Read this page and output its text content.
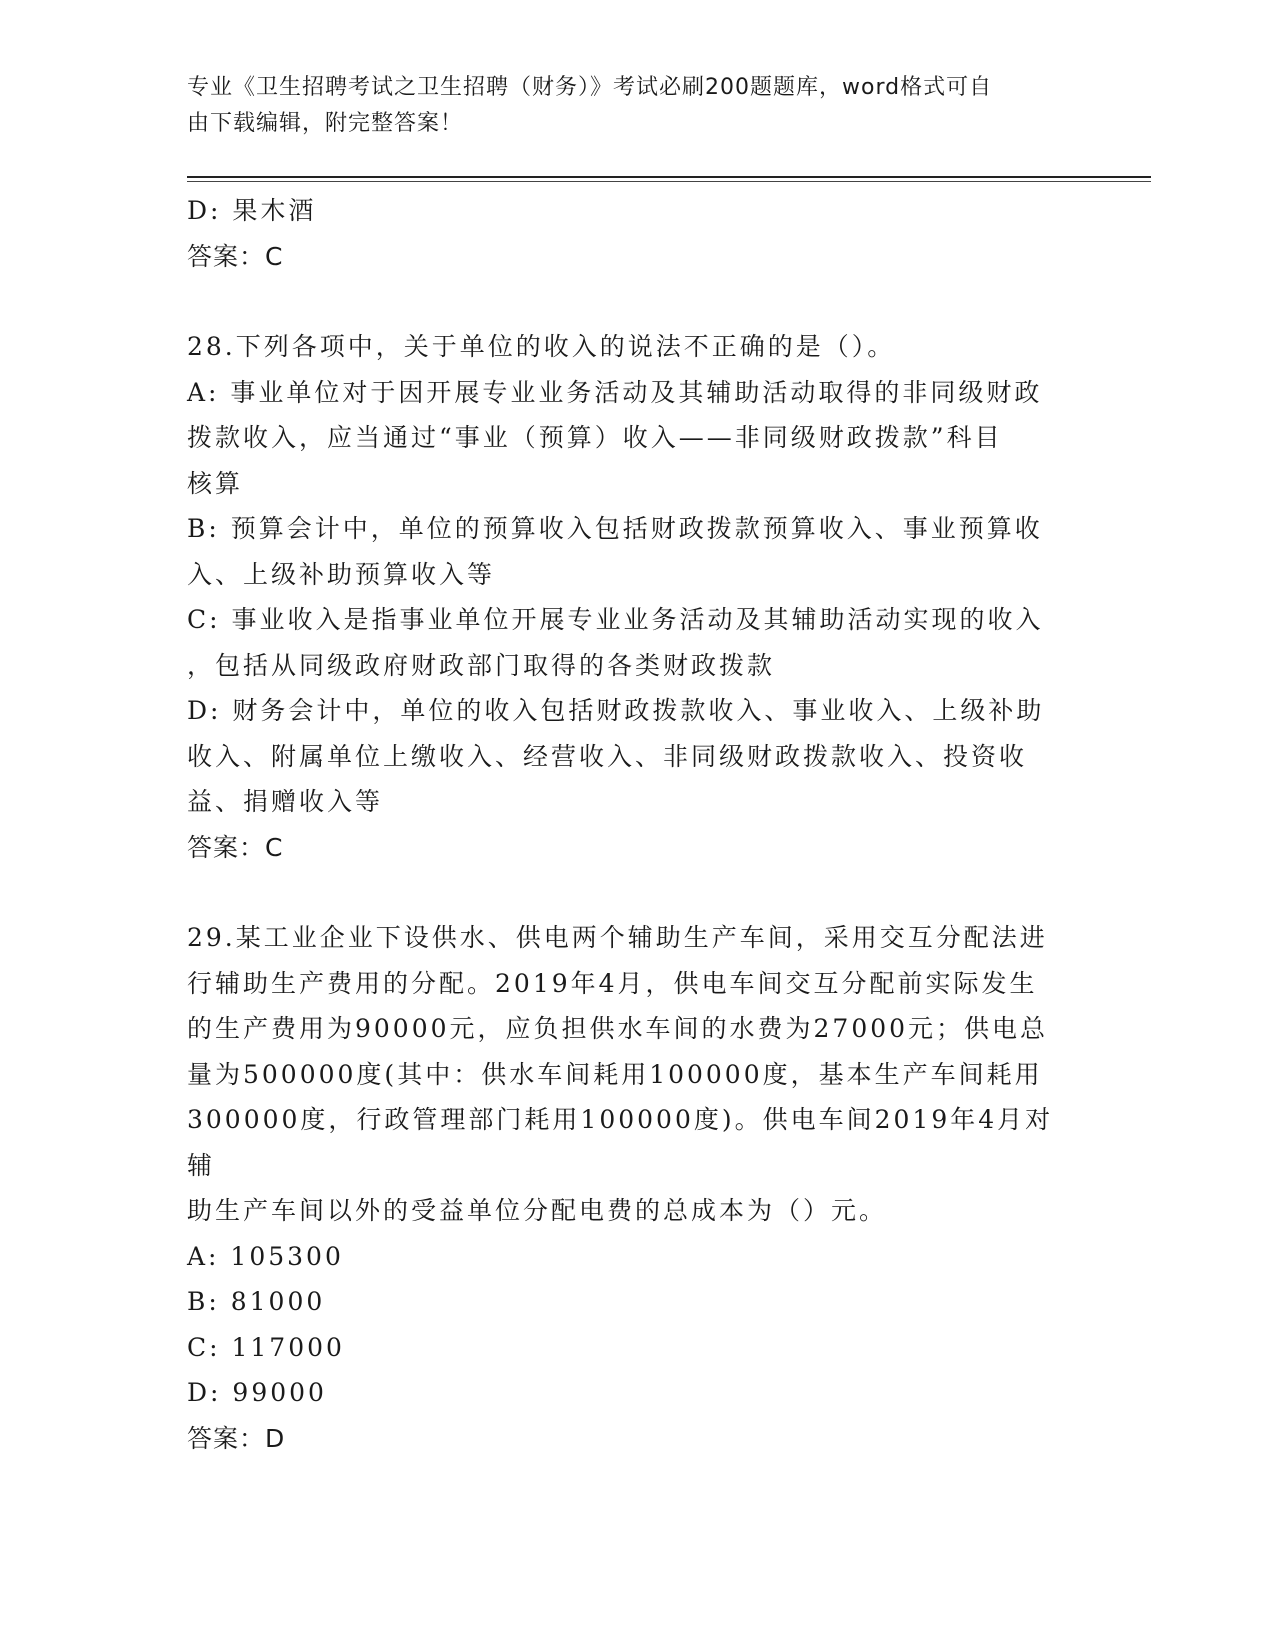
专业《卫生招聘考试之卫生招聘（财务）》考试必刷200题题库，word格式可自
由下载编辑，附完整答案！
D: 果木酒
答案：C
28.下列各项中，关于单位的收入的说法不正确的是（）。
A: 事业单位对于因开展专业业务活动及其辅助活动取得的非同级财政
拨款收入，应当通过“事业（预算）收入——非同级财政拨款”科目
核算
B: 预算会计中，单位的预算收入包括财政拨款预算收入、事业预算收
入、上级补助预算收入等
C: 事业收入是指事业单位开展专业业务活动及其辅助活动实现的收入
，包括从同级政府财政部门取得的各类财政拨款
D: 财务会计中，单位的收入包括财政拨款收入、事业收入、上级补助
收入、附属单位上缴收入、经营收入、非同级财政拨款收入、投资收
益、捐赠收入等
答案：C
29.某工业企业下设供水、供电两个辅助生产车间，采用交互分配法进
行辅助生产费用的分配。2019年4月，供电车间交互分配前实际发生
的生产费用为90000元，应负担供水车间的水费为27000元；供电总
量为500000度(其中：供水车间耗用100000度，基本生产车间耗用
300000度，行政管理部门耗用100000度)。供电车间2019年4月对辅
助生产车间以外的受益单位分配电费的总成本为（）元。
A: 105300
B: 81000
C: 117000
D: 99000
答案：D
